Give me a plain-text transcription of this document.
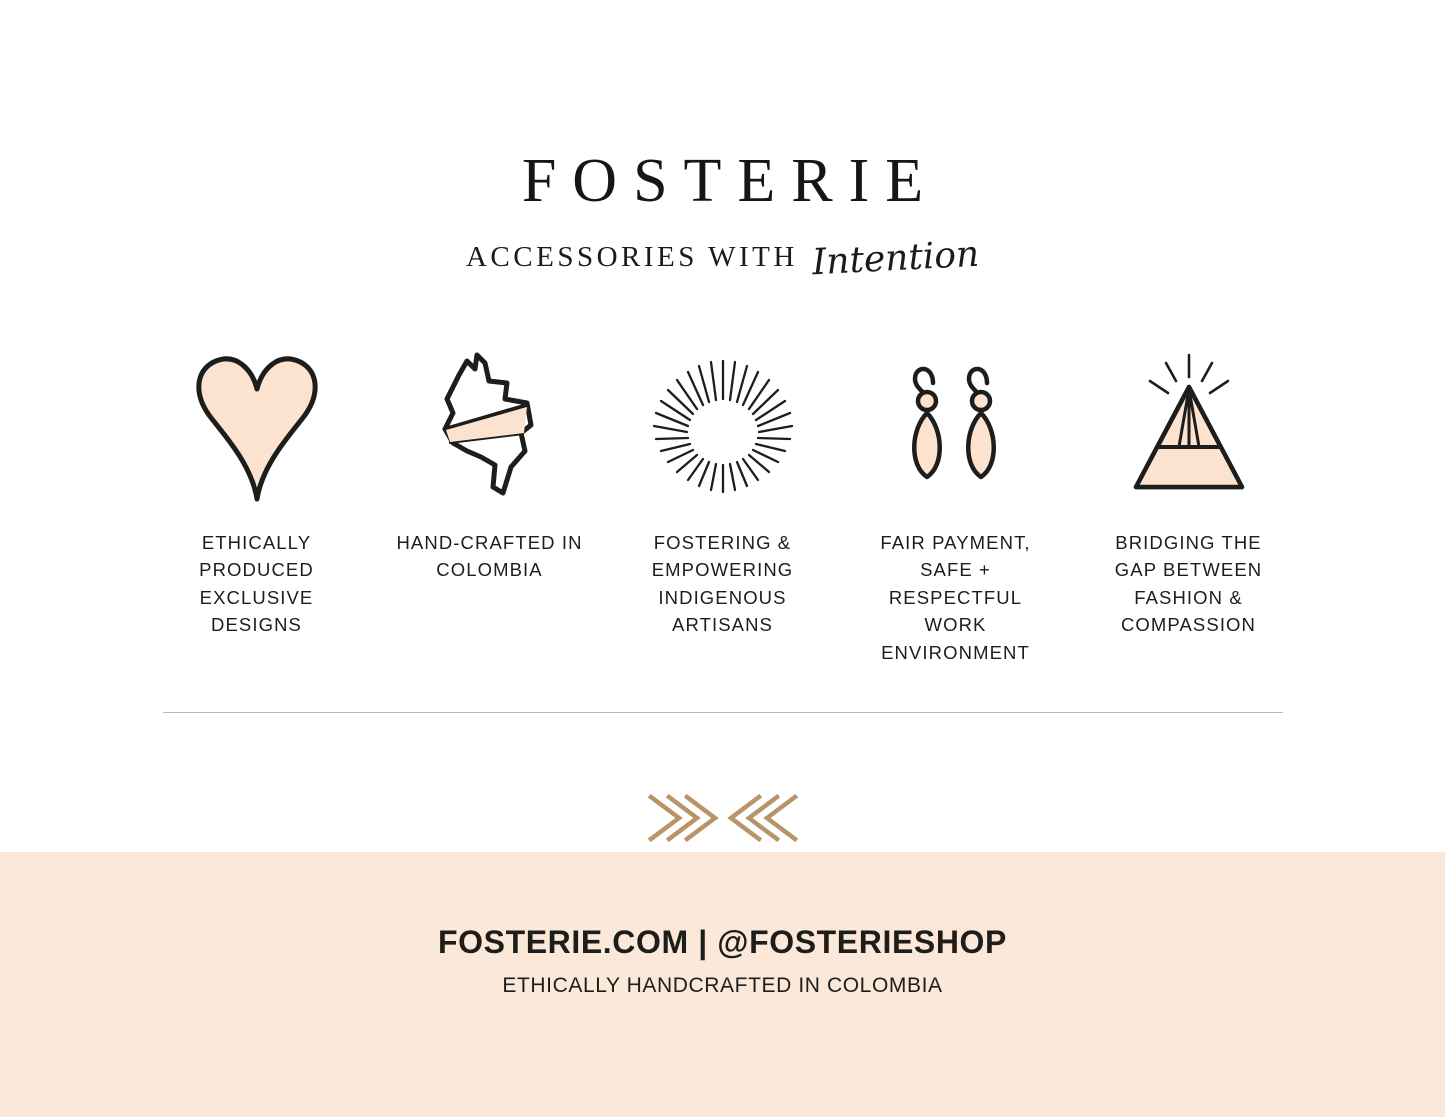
FOSTERIE
ACCESSORIES WITH Intention
ETHICALLY PRODUCED EXCLUSIVE DESIGNS
HAND-CRAFTED IN COLOMBIA
FOSTERING & EMPOWERING INDIGENOUS ARTISANS
FAIR PAYMENT, SAFE + RESPECTFUL WORK ENVIRONMENT
BRIDGING THE GAP BETWEEN FASHION & COMPASSION
FOSTERIE.COM | @FOSTERIESHOP
ETHICALLY HANDCRAFTED IN COLOMBIA
